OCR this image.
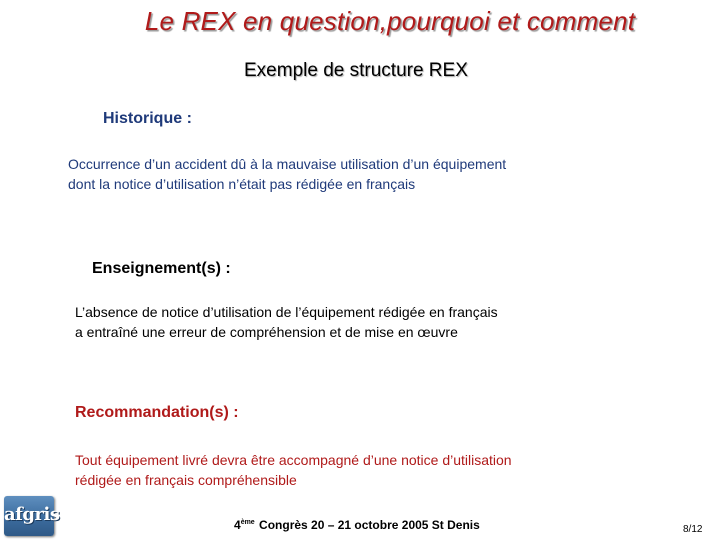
Le REX en question,pourquoi et comment
Exemple de structure REX
Historique :
Occurrence d’un accident dû à la mauvaise utilisation d’un équipement
dont la notice d’utilisation n’était pas rédigée en français
Enseignement(s) :
L’absence de notice d’utilisation de l’équipement rédigée en français
a entraîné une erreur de compréhension et de mise en œuvre
Recommandation(s) :
Tout équipement livré devra être accompagné d’une notice d’utilisation
rédigée en français compréhensible
afgris	4ème Congrès 20 – 21 octobre 2005 St Denis	8/12
